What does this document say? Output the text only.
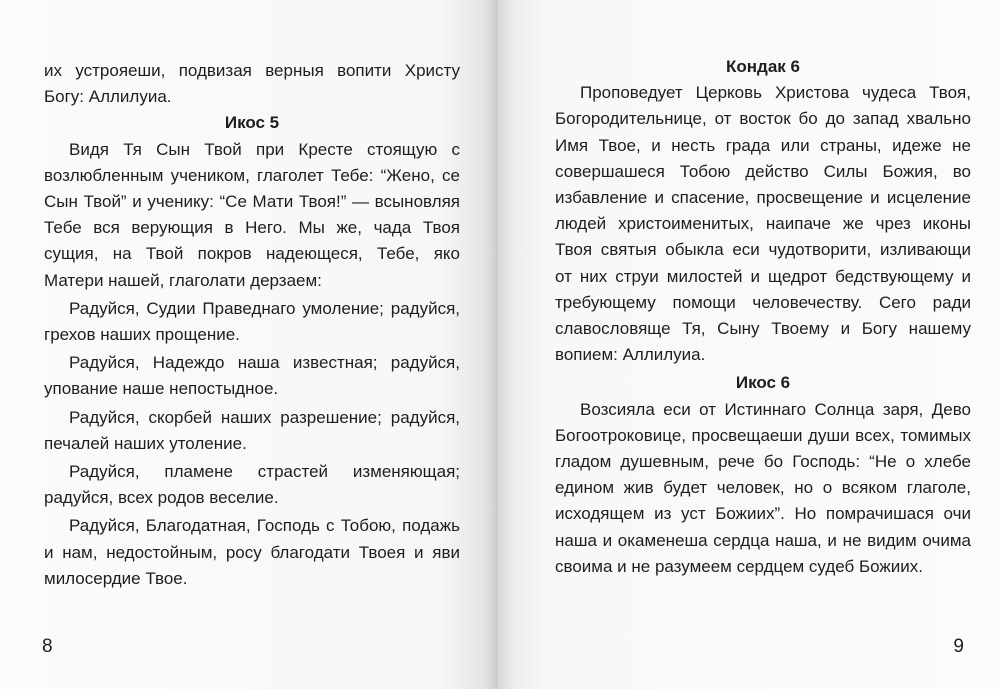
их устрояеши, подвизая верныя вопити Христу Богу: Аллилуиа.

Икос 5

Видя Тя Сын Твой при Кресте стоящую с возлюбленным учеником, глаголет Тебе: “Жено, се Сын Твой” и ученику: “Се Мати Твоя!” — всыновляя Тебе вся верующия в Него. Мы же, чада Твоя сущия, на Твой покров надеющеся, Тебе, яко Матери нашей, глаголати дерзаем:

Радуйся, Судии Праведнаго умоление; радуйся, грехов наших прощение.

Радуйся, Надеждо наша известная; радуйся, упование наше непостыдное.

Радуйся, скорбей наших разрешение; радуйся, печалей наших утоление.

Радуйся, пламене страстей изменяющая; радуйся, всех родов веселие.

Радуйся, Благодатная, Господь с Тобою, подажь и нам, недостойным, росу благодати Твоея и яви милосердие Твое.

8

Кондак 6

Проповедует Церковь Христова чудеса Твоя, Богородительнице, от восток бо до запад хвально Имя Твое, и несть града или страны, идеже не совершашеся Тобою действо Силы Божия, во избавление и спасение, просвещение и исцеление людей христоименитых, наипаче же чрез иконы Твоя святыя обыкла еси чудотворити, изливающи от них струи милостей и щедрот бедствующему и требующему помощи человечеству. Сего ради славословяще Тя, Сыну Твоему и Богу нашему вопием: Аллилуиа.

Икос 6

Возсияла еси от Истиннаго Солнца заря, Дево Богоотроковице, просвещаеши души всех, томимых гладом душевным, рече бо Господь: “Не о хлебе едином жив будет человек, но о всяком глаголе, исходящем из уст Божиих”. Но помрачишася очи наша и окаменеша сердца наша, и не видим очима своима и не разумеем сердцем судеб Божиих.

9
